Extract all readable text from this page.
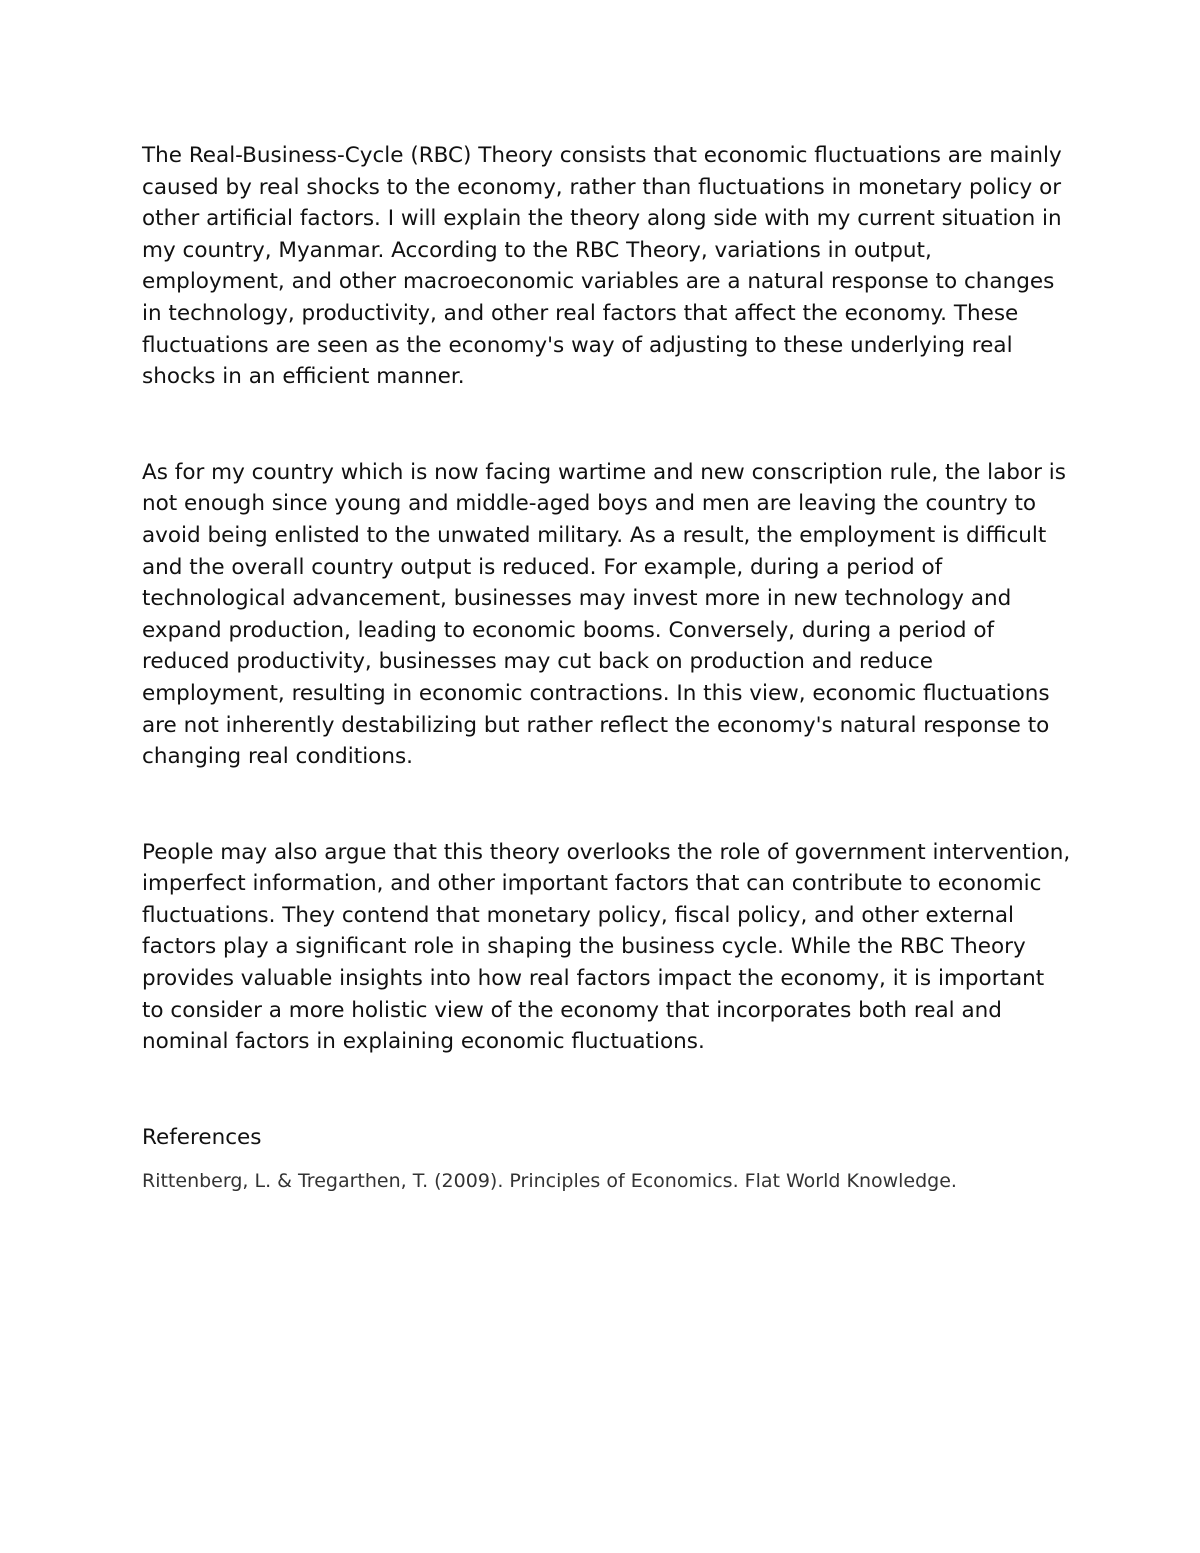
The Real-Business-Cycle (RBC) Theory consists that economic fluctuations are mainly caused by real shocks to the economy, rather than fluctuations in monetary policy or other artificial factors. I will explain the theory along side with my current situation in my country, Myanmar. According to the RBC Theory, variations in output, employment, and other macroeconomic variables are a natural response to changes in technology, productivity, and other real factors that affect the economy. These fluctuations are seen as the economy's way of adjusting to these underlying real shocks in an efficient manner.

As for my country which is now facing wartime and new conscription rule, the labor is not enough since young and middle-aged boys and men are leaving the country to avoid being enlisted to the unwated military. As a result, the employment is difficult and the overall country output is reduced. For example, during a period of technological advancement, businesses may invest more in new technology and expand production, leading to economic booms. Conversely, during a period of reduced productivity, businesses may cut back on production and reduce employment, resulting in economic contractions. In this view, economic fluctuations are not inherently destabilizing but rather reflect the economy's natural response to changing real conditions.

People may also argue that this theory overlooks the role of government intervention, imperfect information, and other important factors that can contribute to economic fluctuations. They contend that monetary policy, fiscal policy, and other external factors play a significant role in shaping the business cycle. While the RBC Theory provides valuable insights into how real factors impact the economy, it is important to consider a more holistic view of the economy that incorporates both real and nominal factors in explaining economic fluctuations.

References

Rittenberg, L. & Tregarthen, T. (2009). Principles of Economics. Flat World Knowledge.
